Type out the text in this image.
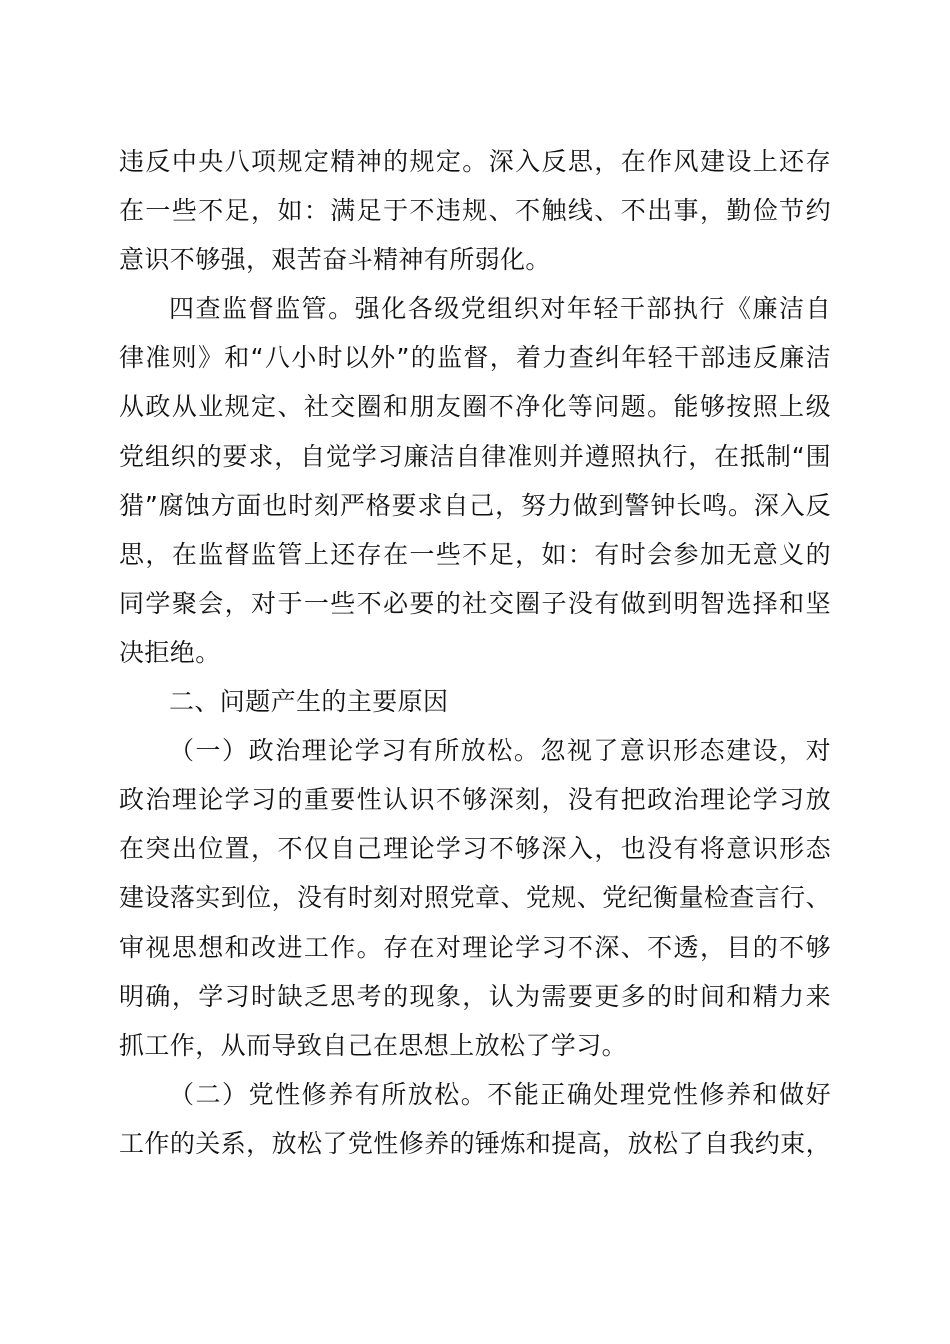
违反中央八项规定精神的规定。深入反思，在作风建设上还存
在一些不足，如：满足于不违规、不触线、不出事，勤俭节约
意识不够强，艰苦奋斗精神有所弱化。
四查监督监管。强化各级党组织对年轻干部执行《廉洁自
律准则》和“八小时以外”的监督，着力查纠年轻干部违反廉洁
从政从业规定、社交圈和朋友圈不净化等问题。能够按照上级
党组织的要求，自觉学习廉洁自律准则并遵照执行，在抵制“围
猎”腐蚀方面也时刻严格要求自己，努力做到警钟长鸣。深入反
思，在监督监管上还存在一些不足，如：有时会参加无意义的
同学聚会，对于一些不必要的社交圈子没有做到明智选择和坚
决拒绝。
二、问题产生的主要原因
（一）政治理论学习有所放松。忽视了意识形态建设，对
政治理论学习的重要性认识不够深刻，没有把政治理论学习放
在突出位置，不仅自己理论学习不够深入，也没有将意识形态
建设落实到位，没有时刻对照党章、党规、党纪衡量检查言行、
审视思想和改进工作。存在对理论学习不深、不透，目的不够
明确，学习时缺乏思考的现象，认为需要更多的时间和精力来
抓工作，从而导致自己在思想上放松了学习。
（二）党性修养有所放松。不能正确处理党性修养和做好
工作的关系，放松了党性修养的锤炼和提高，放松了自我约束，
